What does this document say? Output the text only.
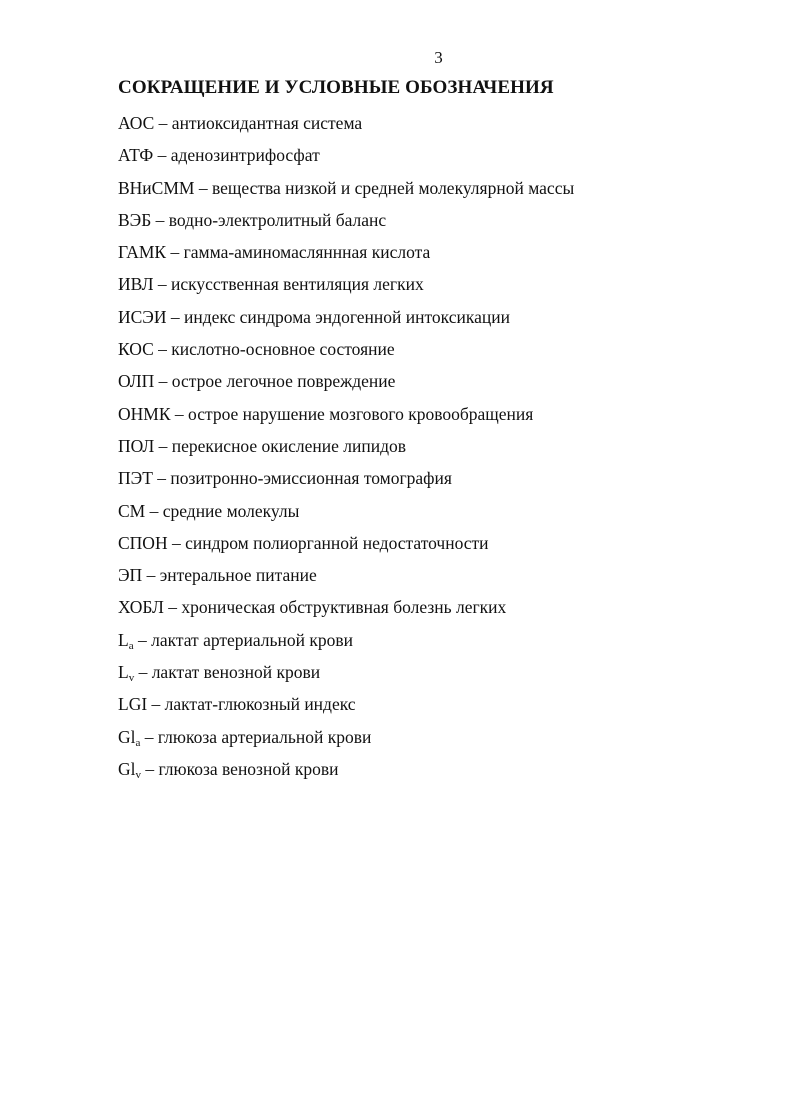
3
СОКРАЩЕНИЕ И УСЛОВНЫЕ ОБОЗНАЧЕНИЯ
АОС – антиоксидантная система
АТФ – аденозинтрифосфат
ВНиСММ – вещества низкой и средней молекулярной массы
ВЭБ – водно-электролитный баланс
ГАМК – гамма-аминомасляннная кислота
ИВЛ – искусственная вентиляция легких
ИСЭИ – индекс синдрома эндогенной интоксикации
КОС – кислотно-основное состояние
ОЛП – острое легочное повреждение
ОНМК – острое нарушение мозгового кровообращения
ПОЛ – перекисное окисление липидов
ПЭТ – позитронно-эмиссионная томография
СМ – средние молекулы
СПОН – синдром полиорганной недостаточности
ЭП – энтеральное питание
ХОБЛ – хроническая обструктивная болезнь легких
$L_a$ – лактат артериальной крови
$L_v$ – лактат венозной крови
LGI – лактат-глюкозный индекс
$Gl_a$ – глюкоза артериальной крови
$Gl_v$ – глюкоза венозной крови
